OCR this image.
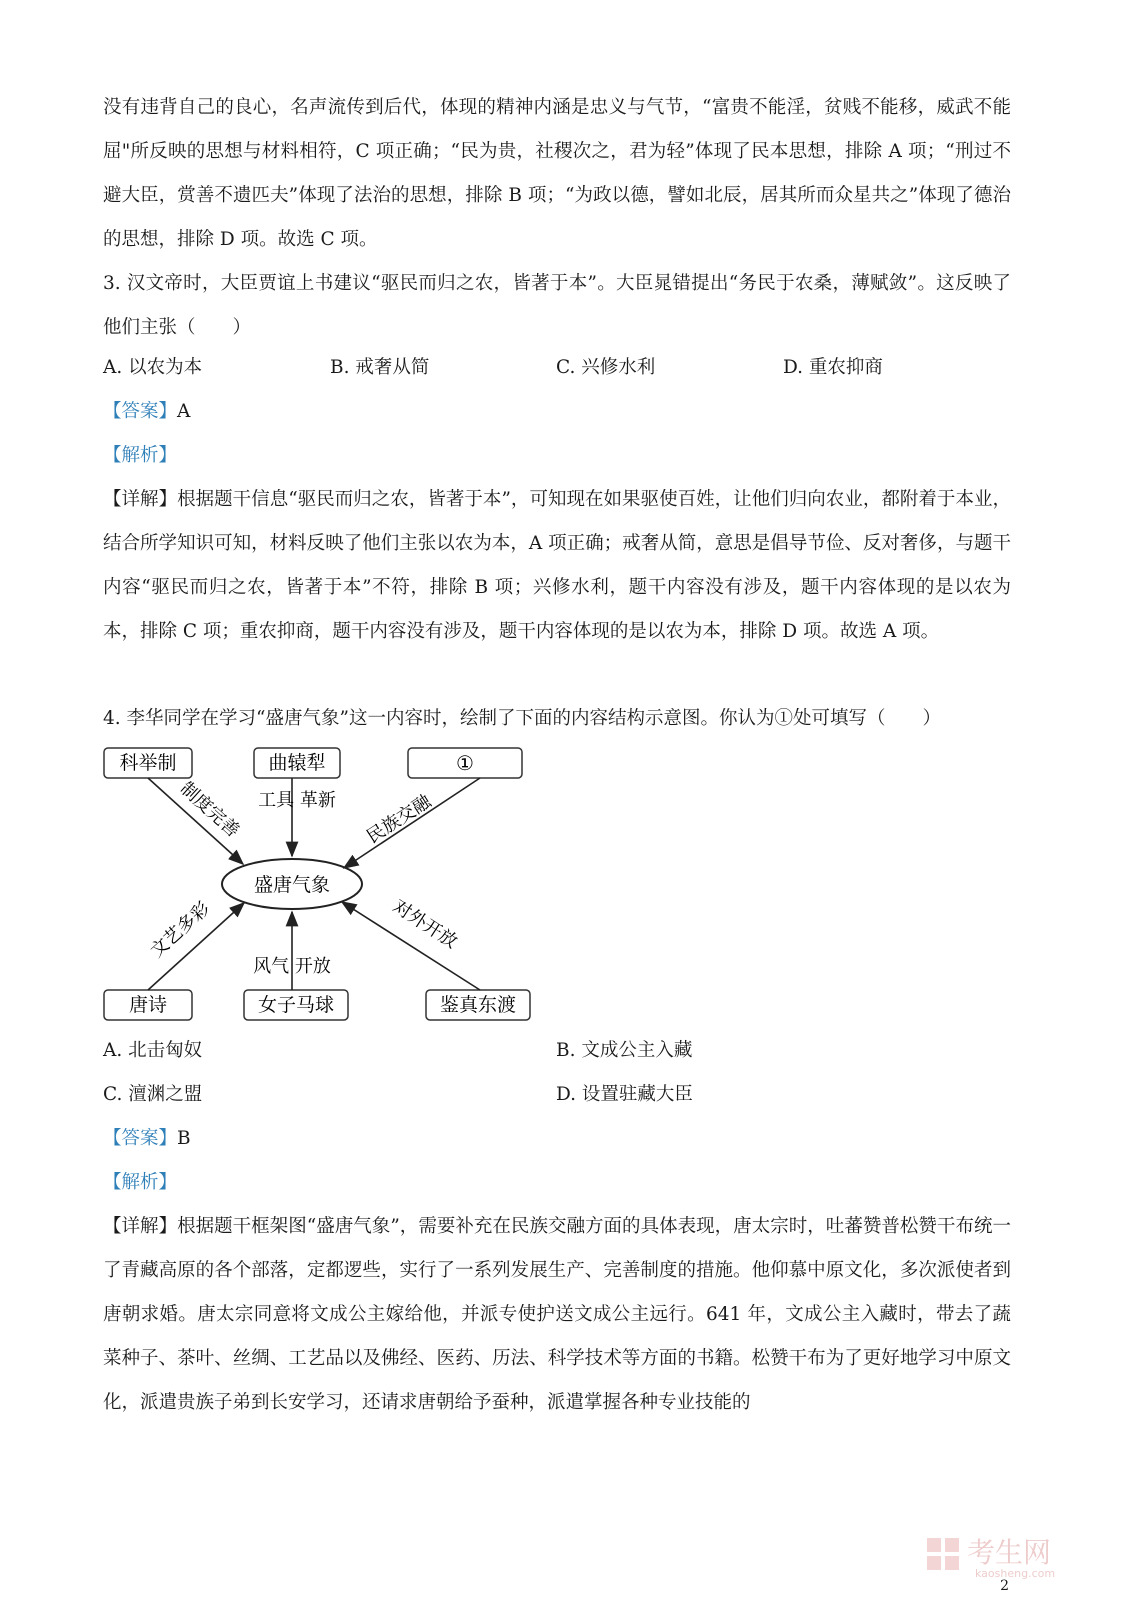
没有违背自己的良心，名声流传到后代，体现的精神内涵是忠义与气节，“富贵不能淫，贫贱不能移，威武不能屈"所反映的思想与材料相符，C 项正确；“民为贵，社稷次之，君为轻”体现了民本思想，排除 A 项；“刑过不避大臣，赏善不遗匹夫”体现了法治的思想，排除 B 项；“为政以德，譬如北辰，居其所而众星共之”体现了德治的思想，排除 D 项。故选 C 项。

3. 汉文帝时，大臣贾谊上书建议“驱民而归之农，皆著于本”。大臣晁错提出“务民于农桑，薄赋敛”。这反映了他们主张（　　）

A. 以农为本	B. 戒奢从简	C. 兴修水利	D. 重农抑商
【答案】A
【解析】

【详解】根据题干信息“驱民而归之农，皆著于本”，可知现在如果驱使百姓，让他们归向农业，都附着于本业，结合所学知识可知，材料反映了他们主张以农为本，A 项正确；戒奢从简，意思是倡导节俭、反对奢侈，与题干内容“驱民而归之农，皆著于本”不符，排除 B 项；兴修水利，题干内容没有涉及，题干内容体现的是以农为本，排除 C 项；重农抑商，题干内容没有涉及，题干内容体现的是以农为本，排除 D 项。故选 A 项。

4. 李华同学在学习“盛唐气象”这一内容时，绘制了下面的内容结构示意图。你认为①处可填写（　　）

科举制	曲辕犁	①
唐诗	女子马球	鉴真东渡
盛唐气象
制度完善 工具 革新 民族交融
文艺多彩
风气 开放
对外开放
A. 北击匈奴	B. 文成公主入藏
C. 澶渊之盟	D. 设置驻藏大臣
【答案】B
【解析】

【详解】根据题干框架图“盛唐气象”，需要补充在民族交融方面的具体表现，唐太宗时，吐蕃赞普松赞干布统一了青藏高原的各个部落，定都逻些，实行了一系列发展生产、完善制度的措施。他仰慕中原文化，多次派使者到唐朝求婚。唐太宗同意将文成公主嫁给他，并派专使护送文成公主远行。641 年，文成公主入藏时，带去了蔬菜种子、茶叶、丝绸、工艺品以及佛经、医药、历法、科学技术等方面的书籍。松赞干布为了更好地学习中原文化，派遣贵族子弟到长安学习，还请求唐朝给予蚕种，派遣掌握各种专业技能的

考生网
kaosheng.com
2
